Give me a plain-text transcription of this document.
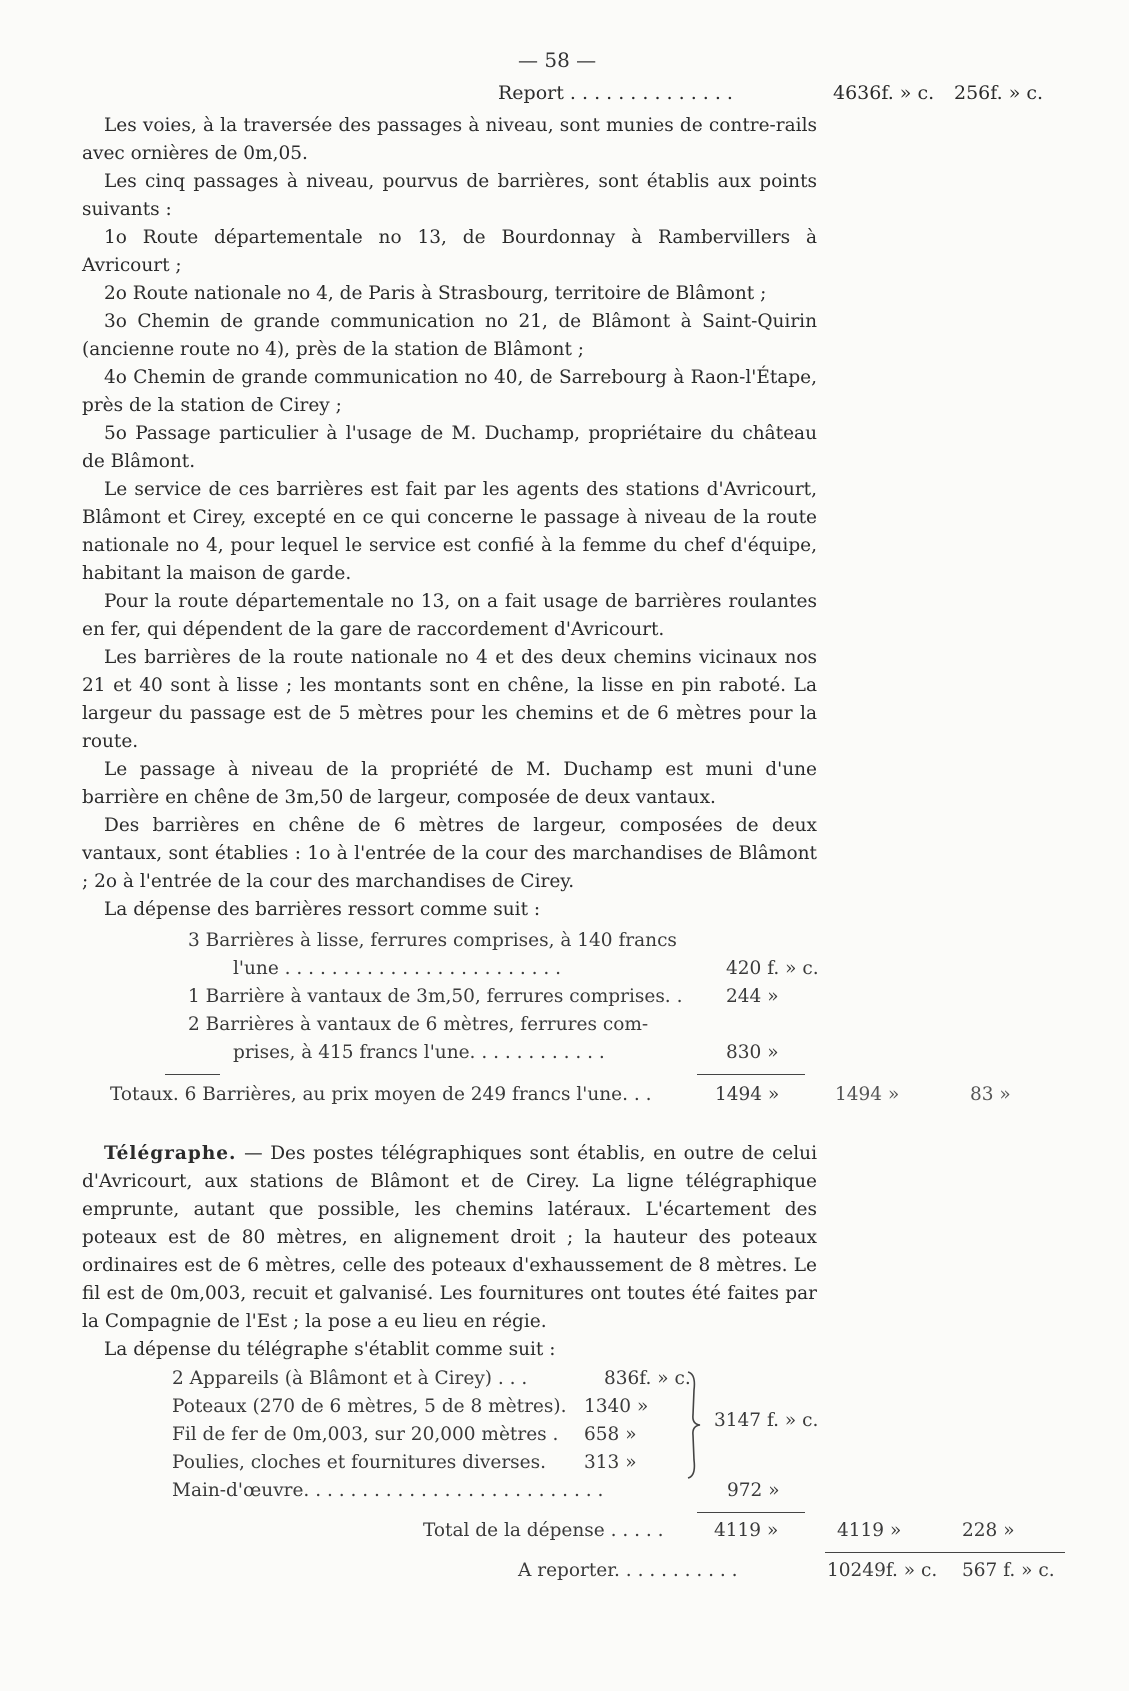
— 58 —
Report . . . . . . . . . . . . . .	4636f. » c. 256f. » c.

Les voies, à la traversée des passages à niveau, sont munies de contre-rails avec ornières de 0m,05.

Les cinq passages à niveau, pourvus de barrières, sont établis aux points suivants :

1o Route départementale no 13, de Bourdonnay à Rambervillers à Avricourt ;

2o Route nationale no 4, de Paris à Strasbourg, territoire de Blâmont ;

3o Chemin de grande communication no 21, de Blâmont à Saint-Quirin (ancienne route no 4), près de la station de Blâmont ;

4o Chemin de grande communication no 40, de Sarrebourg à Raon-l'Étape, près de la station de Cirey ;

5o Passage particulier à l'usage de M. Duchamp, propriétaire du château de Blâmont.

Le service de ces barrières est fait par les agents des stations d'Avricourt, Blâmont et Cirey, excepté en ce qui concerne le passage à niveau de la route nationale no 4, pour lequel le service est confié à la femme du chef d'équipe, habitant la maison de garde.

Pour la route départementale no 13, on a fait usage de barrières roulantes en fer, qui dépendent de la gare de raccordement d'Avricourt.

Les barrières de la route nationale no 4 et des deux chemins vicinaux nos 21 et 40 sont à lisse ; les montants sont en chêne, la lisse en pin raboté. La largeur du passage est de 5 mètres pour les chemins et de 6 mètres pour la route.

Le passage à niveau de la propriété de M. Duchamp est muni d'une barrière en chêne de 3m,50 de largeur, composée de deux vantaux.

Des barrières en chêne de 6 mètres de largeur, composées de deux vantaux, sont établies : 1o à l'entrée de la cour des marchandises de Blâmont ; 2o à l'entrée de la cour des marchandises de Cirey.

La dépense des barrières ressort comme suit :

3 Barrières à lisse, ferrures comprises, à 140 francs
l'une . . . . . . . . . . . . . . . . . . . . . . . .	420 f. » c.
1 Barrière à vantaux de 3m,50, ferrures comprises. . 244 »
2 Barrières à vantaux de 6 mètres, ferrures com-
prises, à 415 francs l'une. . . . . . . . . . . .	830 »
Totaux. 6 Barrières, au prix moyen de 249 francs l'une. . .	1494 »	1494 »	83 »

Télégraphe. — Des postes télégraphiques sont établis, en outre de celui d'Avricourt, aux stations de Blâmont et de Cirey. La ligne télégraphique emprunte, autant que possible, les chemins latéraux. L'écartement des poteaux est de 80 mètres, en alignement droit ; la hauteur des poteaux ordinaires est de 6 mètres, celle des poteaux d'exhaussement de 8 mètres. Le fil est de 0m,003, recuit et galvanisé. Les fournitures ont toutes été faites par la Compagnie de l'Est ; la pose a eu lieu en régie.

La dépense du télégraphe s'établit comme suit :

2 Appareils (à Blâmont et à Cirey) . . .	836f. » c.
Poteaux (270 de 6 mètres, 5 de 8 mètres). 1340 »
Fil de fer de 0m,003, sur 20,000 mètres . 658 »
Poulies, cloches et fournitures diverses. 313 »
3147 f. » c.
Main-d'œuvre. . . . . . . . . . . . . . . . . . . . . . . . . .	972 »
Total de la dépense . . . . .	4119 »	4119 »	228 »
A reporter. . . . . . . . . . .	10249f. » c. 567 f. » c.
